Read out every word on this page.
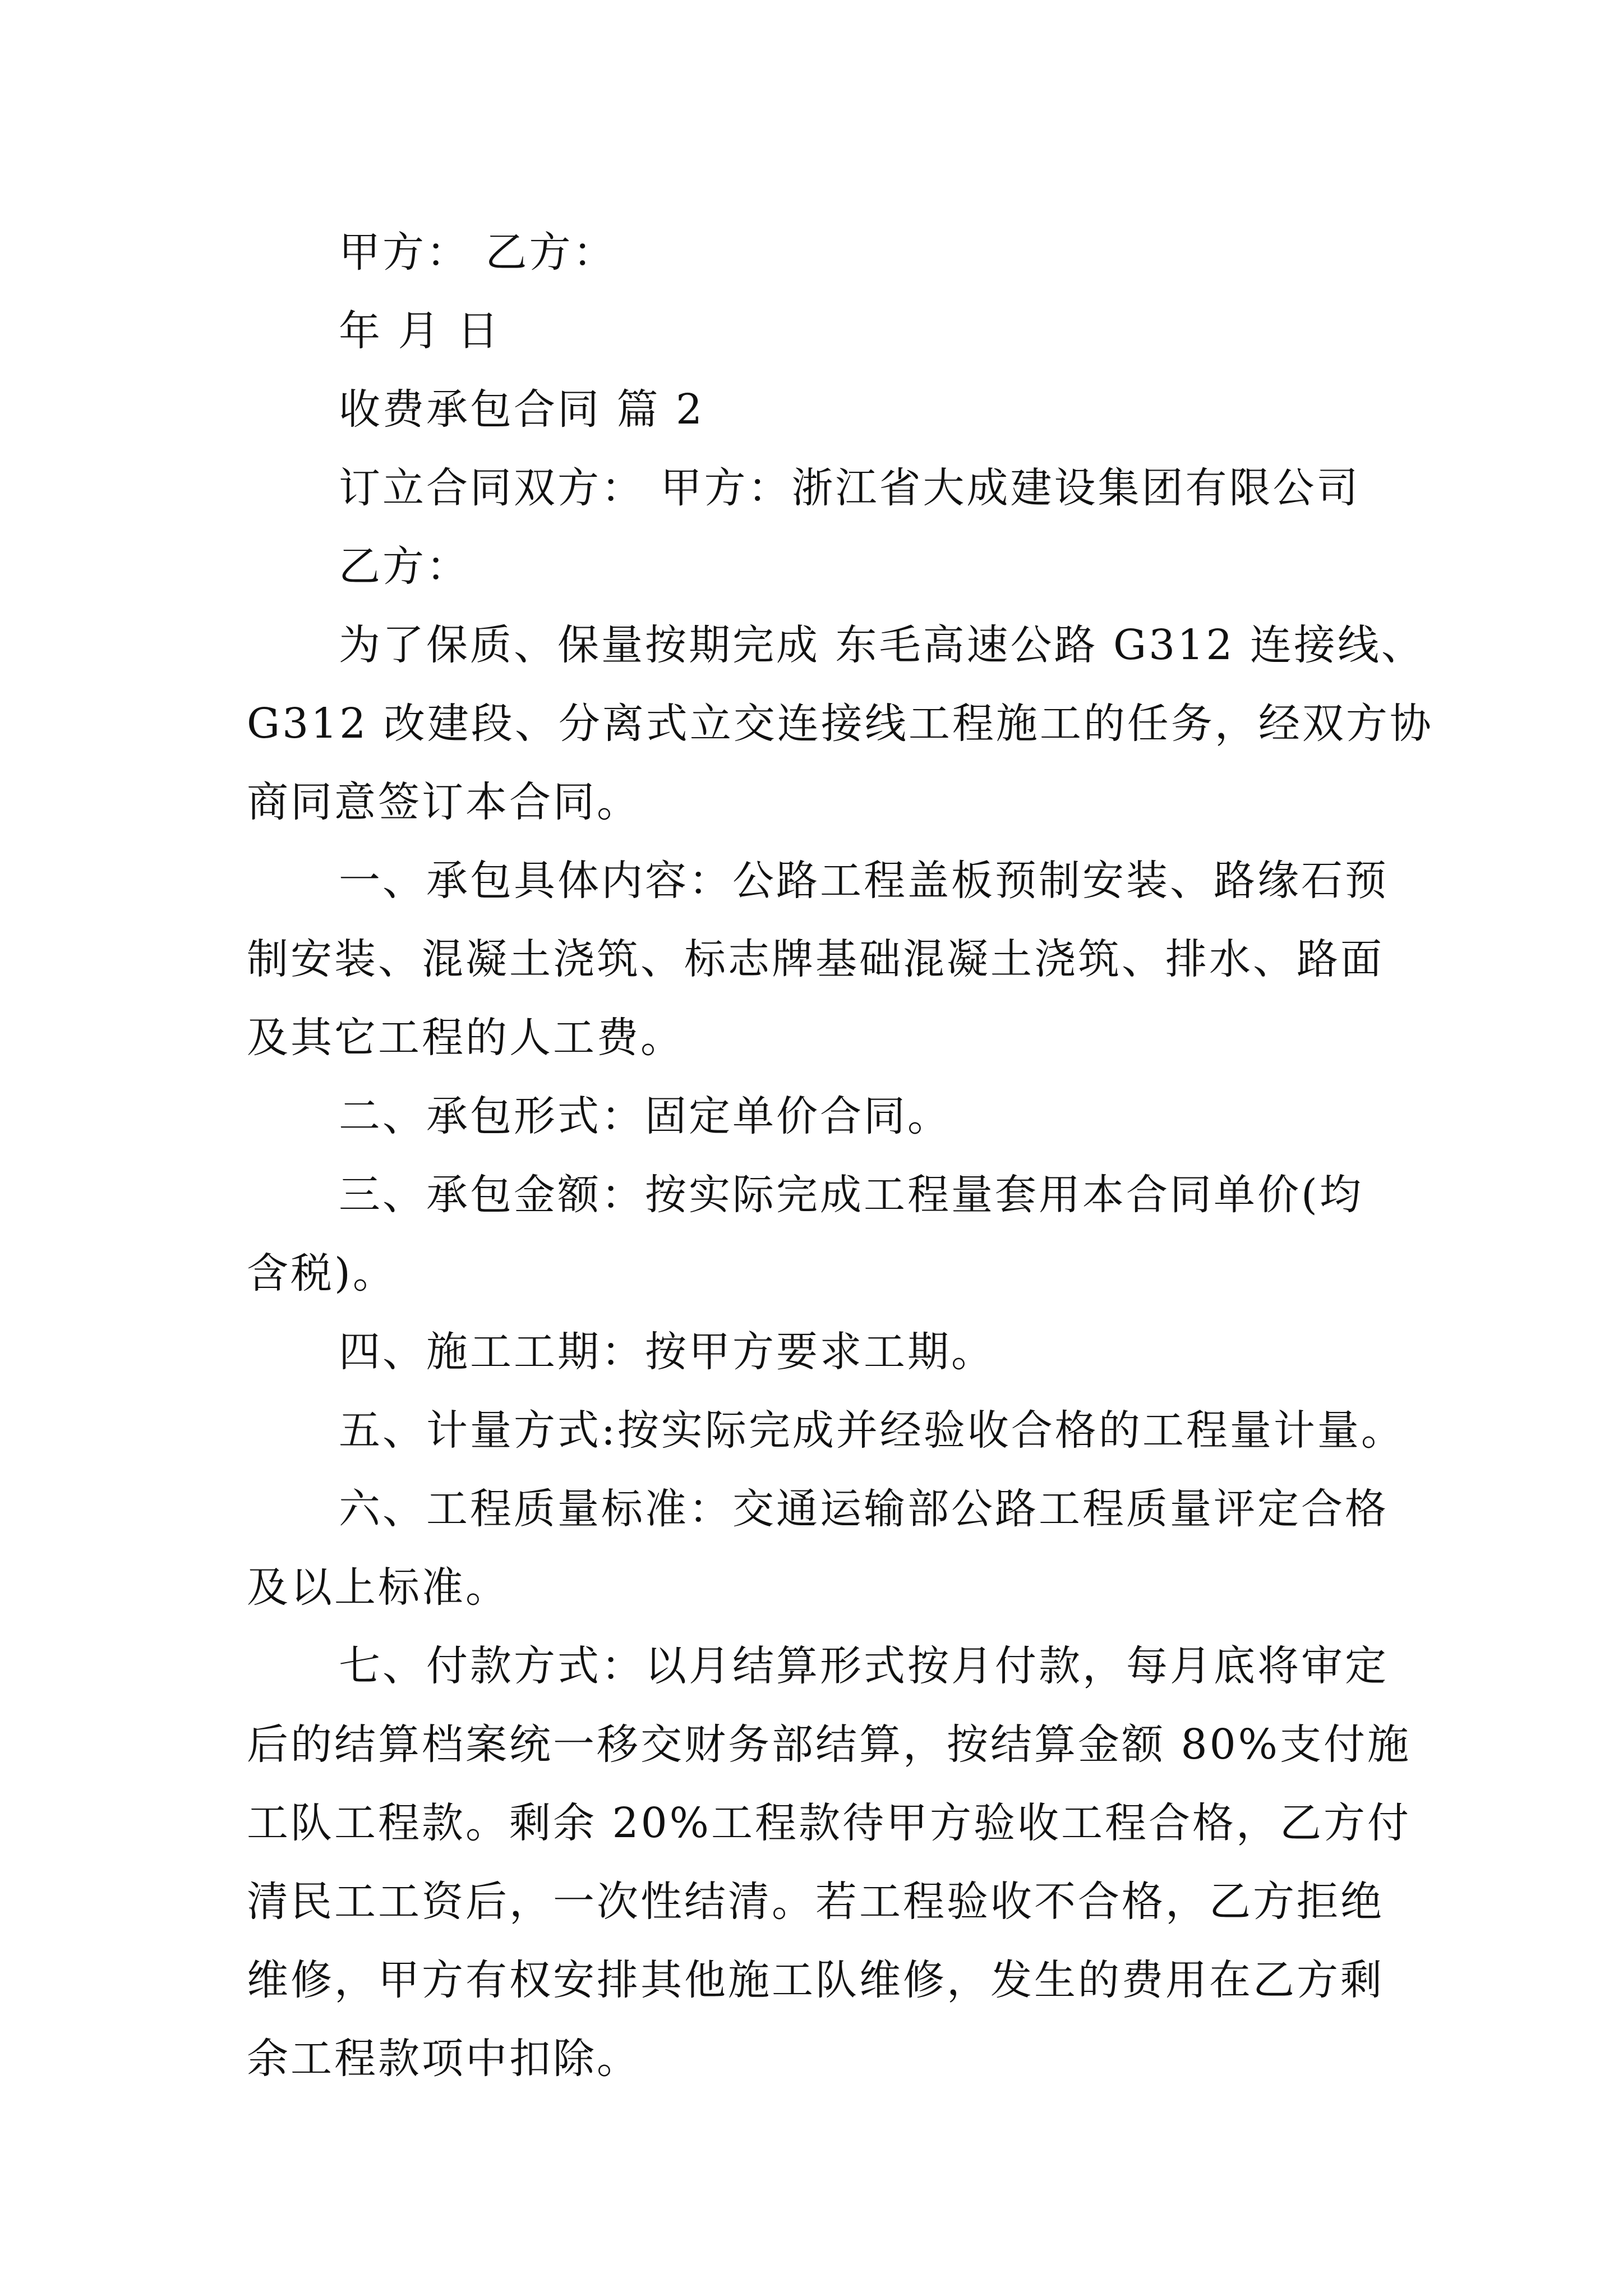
甲方： 乙方：
年 月 日
收费承包合同 篇 2
订立合同双方： 甲方：浙江省大成建设集团有限公司
乙方：
为了保质、保量按期完成 东毛高速公路 G312 连接线、
G312 改建段、分离式立交连接线工程施工的任务，经双方协
商同意签订本合同。
一、承包具体内容：公路工程盖板预制安装、路缘石预
制安装、混凝土浇筑、标志牌基础混凝土浇筑、排水、路面
及其它工程的人工费。
二、承包形式：固定单价合同。
三、承包金额：按实际完成工程量套用本合同单价(均
含税)。
四、施工工期：按甲方要求工期。
五、计量方式:按实际完成并经验收合格的工程量计量。
六、工程质量标准：交通运输部公路工程质量评定合格
及以上标准。
七、付款方式：以月结算形式按月付款，每月底将审定
后的结算档案统一移交财务部结算，按结算金额 80%支付施
工队工程款。剩余 20%工程款待甲方验收工程合格，乙方付
清民工工资后，一次性结清。若工程验收不合格，乙方拒绝
维修，甲方有权安排其他施工队维修，发生的费用在乙方剩
余工程款项中扣除。
